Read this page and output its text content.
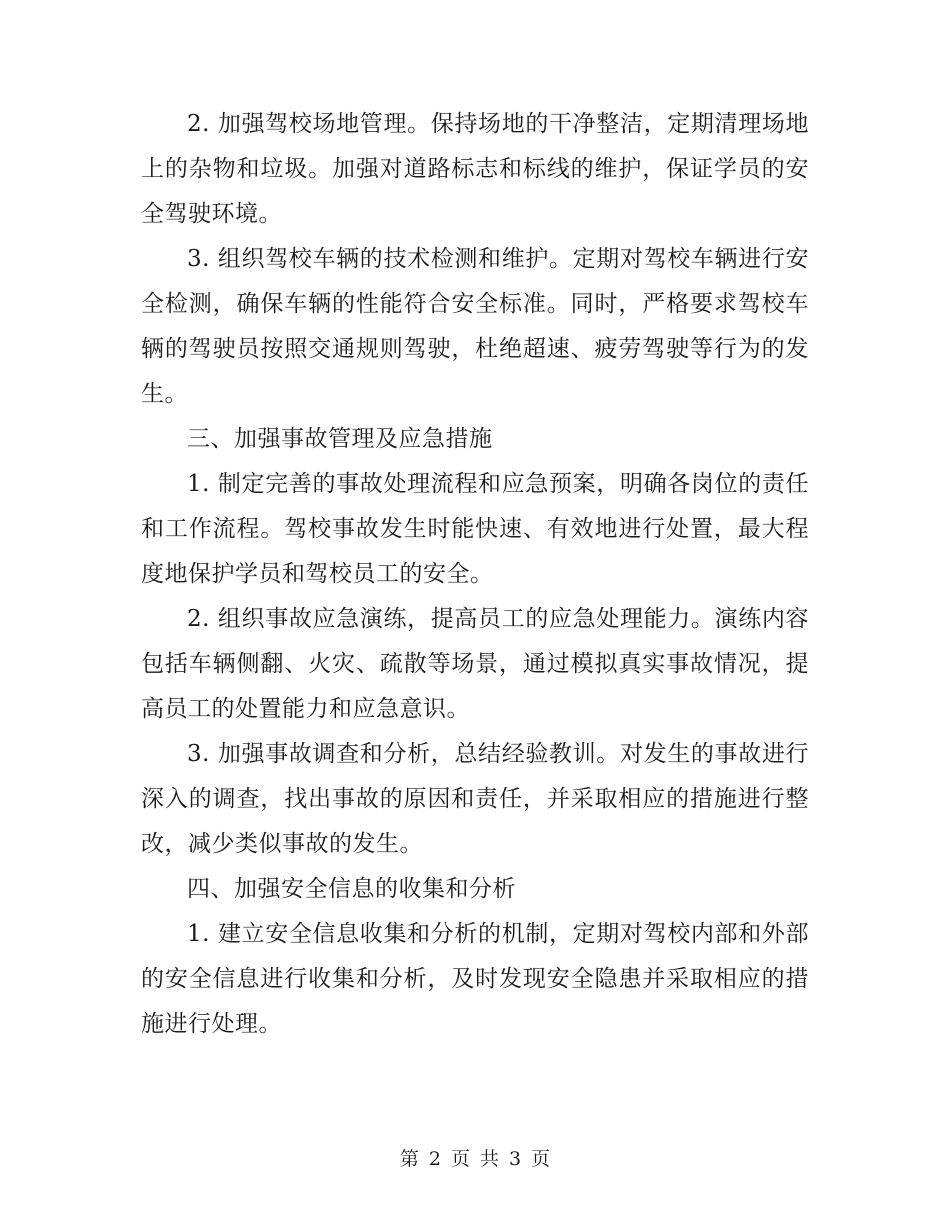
2. 加强驾校场地管理。保持场地的干净整洁，定期清理场地上的杂物和垃圾。加强对道路标志和标线的维护，保证学员的安全驾驶环境。

3. 组织驾校车辆的技术检测和维护。定期对驾校车辆进行安全检测，确保车辆的性能符合安全标准。同时，严格要求驾校车辆的驾驶员按照交通规则驾驶，杜绝超速、疲劳驾驶等行为的发生。

三、加强事故管理及应急措施

1. 制定完善的事故处理流程和应急预案，明确各岗位的责任和工作流程。驾校事故发生时能快速、有效地进行处置，最大程度地保护学员和驾校员工的安全。

2. 组织事故应急演练，提高员工的应急处理能力。演练内容包括车辆侧翻、火灾、疏散等场景，通过模拟真实事故情况，提高员工的处置能力和应急意识。

3. 加强事故调查和分析，总结经验教训。对发生的事故进行深入的调查，找出事故的原因和责任，并采取相应的措施进行整改，减少类似事故的发生。

四、加强安全信息的收集和分析

1. 建立安全信息收集和分析的机制，定期对驾校内部和外部的安全信息进行收集和分析，及时发现安全隐患并采取相应的措施进行处理。

第 2 页 共 3 页
